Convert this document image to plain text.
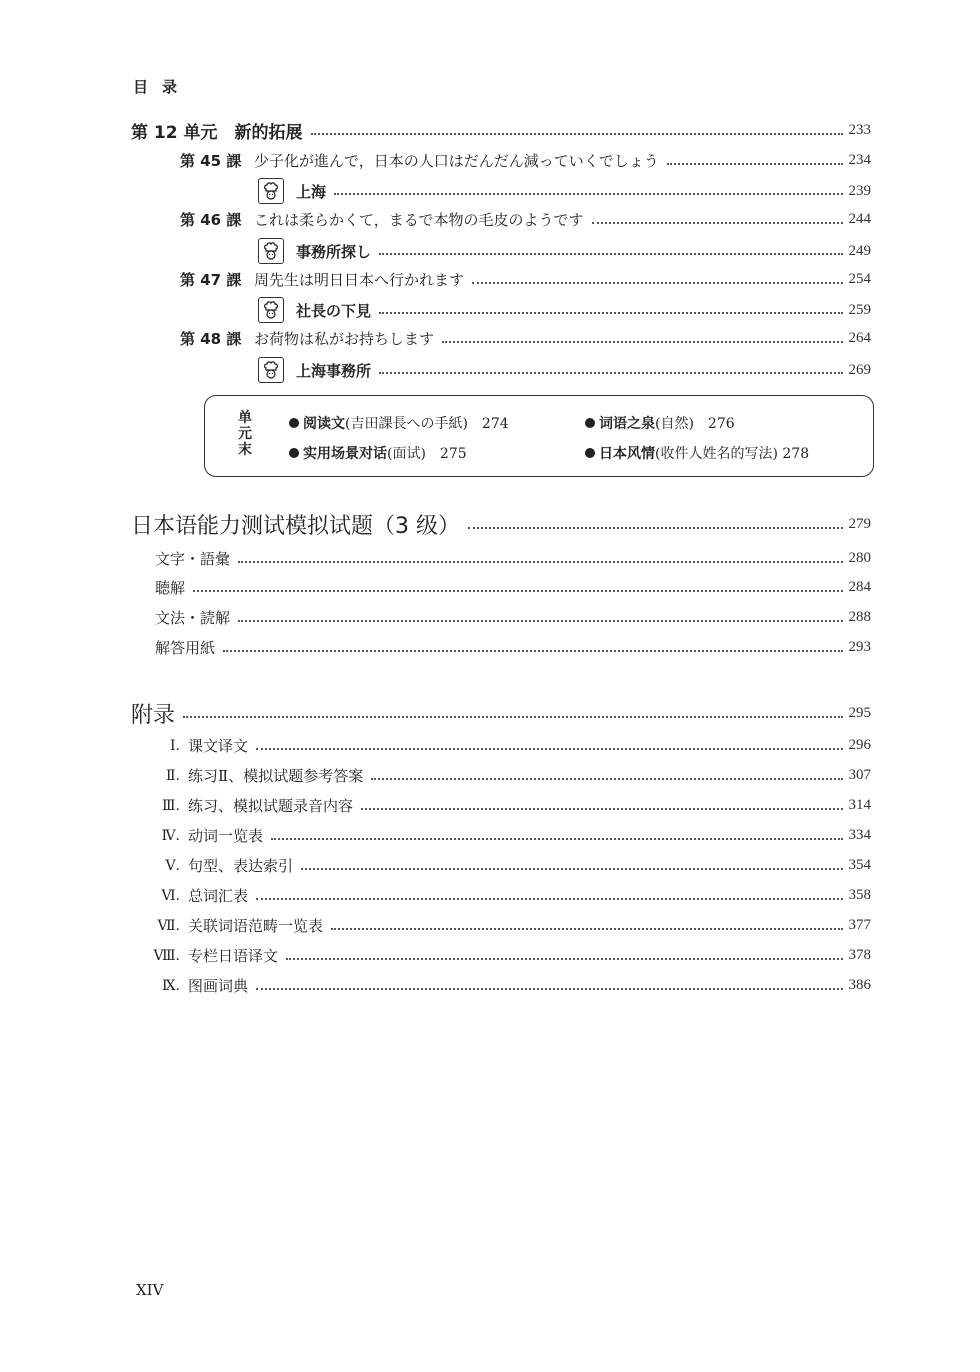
目录
第 12 单元　新的拓展	233
第 45 課 少子化が進んで，日本の人口はだんだん減っていくでしょう	234
上海	239
第 46 課 これは柔らかくて，まるで本物の毛皮のようです	244
事務所探し	249
第 47 課 周先生は明日日本へ行かれます	254
社長の下見	259
第 48 課 お荷物は私がお持ちします	264
上海事務所	269
单元末
阅读文(吉田課長への手紙)　274	词语之泉(自然)　276
实用场景对话(面试)　275	日本风情(收件人姓名的写法) 278
日本语能力测试模拟试题（3 级）	279
文字・語彙	280
聴解	284
文法・読解	288
解答用紙	293
附录	295
Ⅰ. 课文译文	296
Ⅱ. 练习Ⅱ、模拟试题参考答案	307
Ⅲ. 练习、模拟试题录音内容	314
Ⅳ. 动词一览表	334
Ⅴ. 句型、表达索引	354
Ⅵ. 总词汇表	358
Ⅶ. 关联词语范畴一览表	377
Ⅷ. 专栏日语译文	378
Ⅸ. 图画词典	386
XIV
